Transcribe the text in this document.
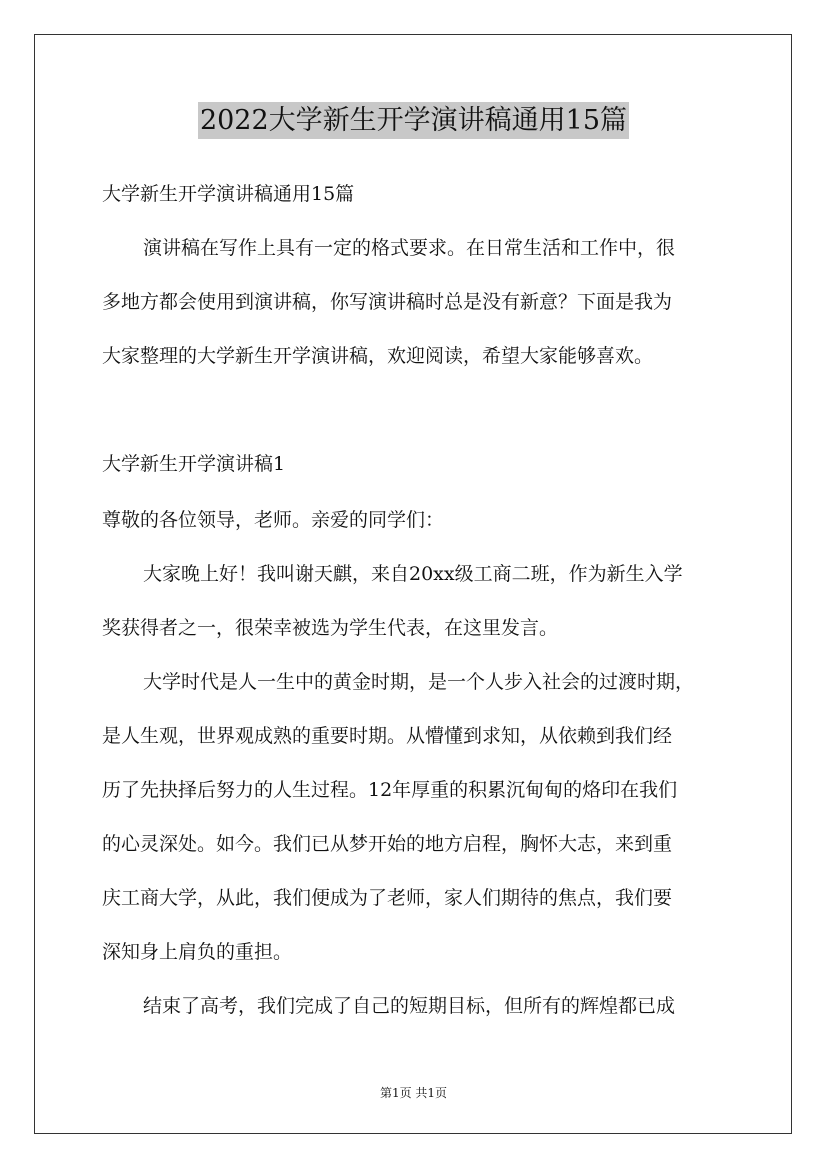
2022大学新生开学演讲稿通用15篇
大学新生开学演讲稿通用15篇
演讲稿在写作上具有一定的格式要求。在日常生活和工作中，很
多地方都会使用到演讲稿，你写演讲稿时总是没有新意？下面是我为
大家整理的大学新生开学演讲稿，欢迎阅读，希望大家能够喜欢。
大学新生开学演讲稿1
尊敬的各位领导，老师。亲爱的同学们：
大家晚上好！我叫谢天麒，来自20xx级工商二班，作为新生入学
奖获得者之一，很荣幸被选为学生代表，在这里发言。
大学时代是人一生中的黄金时期，是一个人步入社会的过渡时期，
是人生观，世界观成熟的重要时期。从懵懂到求知，从依赖到我们经
历了先抉择后努力的人生过程。12年厚重的积累沉甸甸的烙印在我们
的心灵深处。如今。我们已从梦开始的地方启程，胸怀大志，来到重
庆工商大学，从此，我们便成为了老师，家人们期待的焦点，我们要
深知身上肩负的重担。
结束了高考，我们完成了自己的短期目标，但所有的辉煌都已成
第1页 共1页
